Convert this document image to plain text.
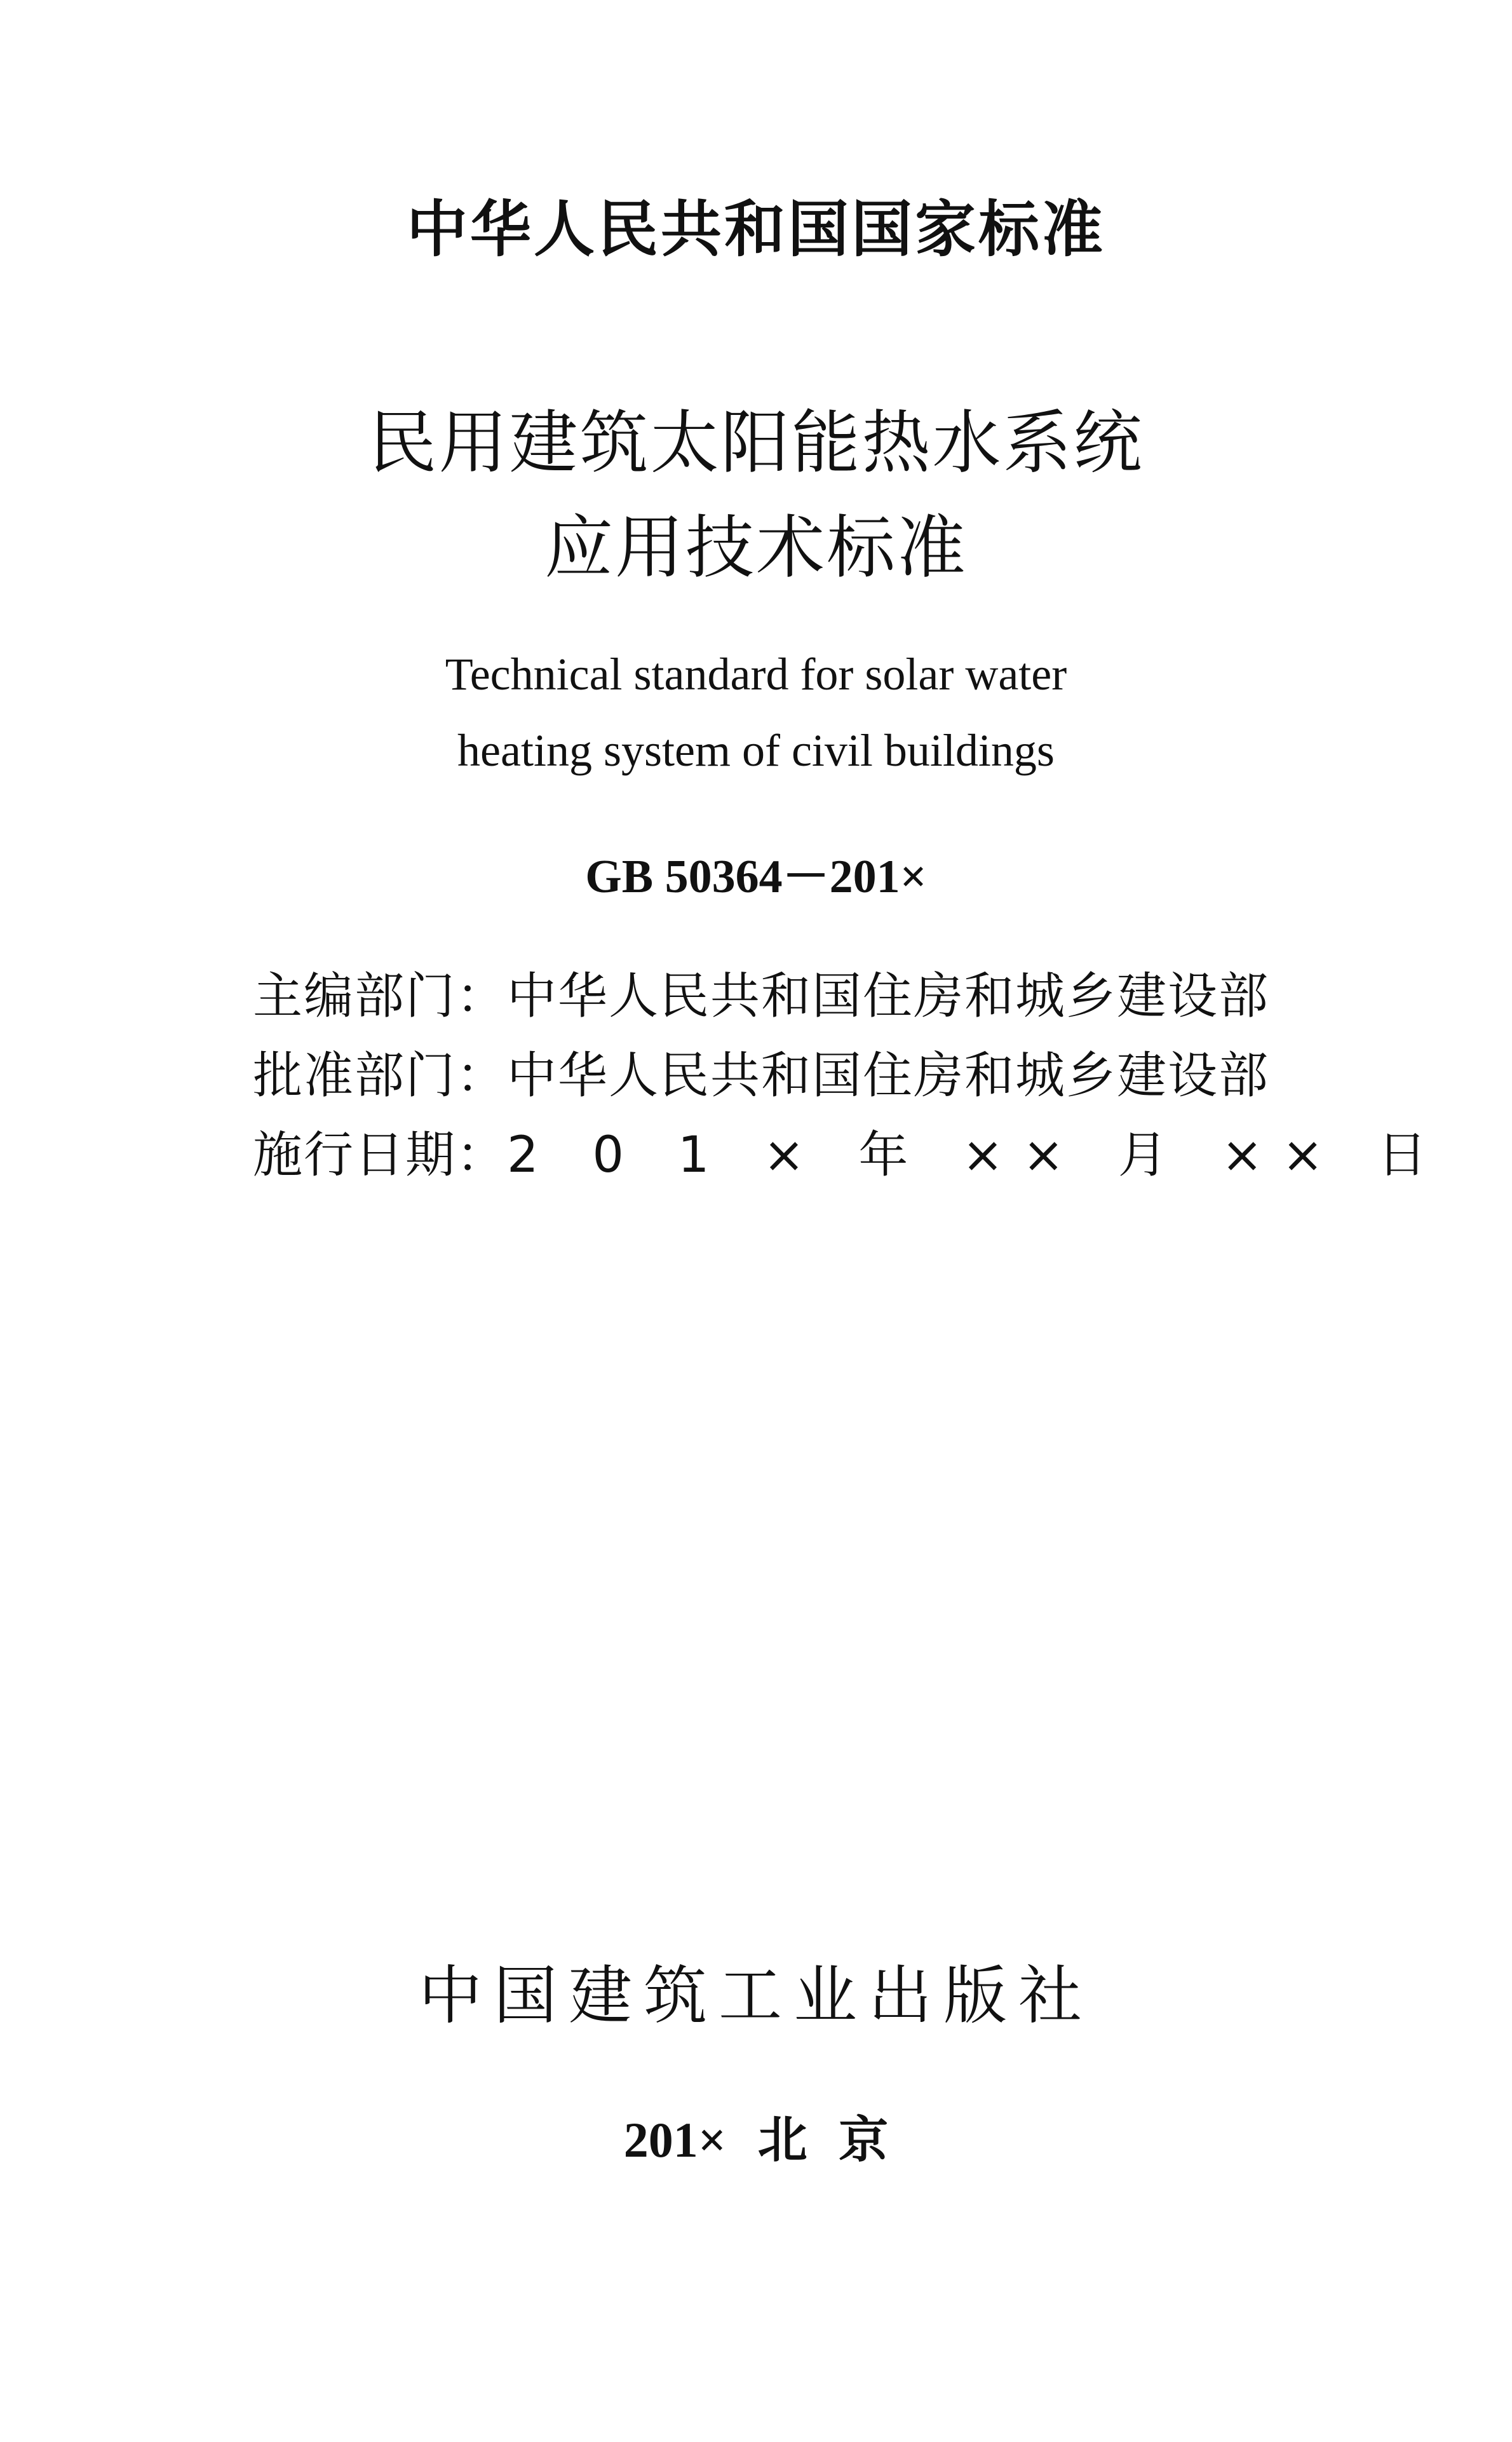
中华人民共和国国家标准
民用建筑太阳能热水系统
应用技术标准
Technical standard for solar water
heating system of civil buildings
GB 50364－201×
主编部门：中华人民共和国住房和城乡建设部
批准部门：中华人民共和国住房和城乡建设部
施行日期：2 0 1 × 年 ×× 月 ×× 日
中国建筑工业出版社
201× 北 京
